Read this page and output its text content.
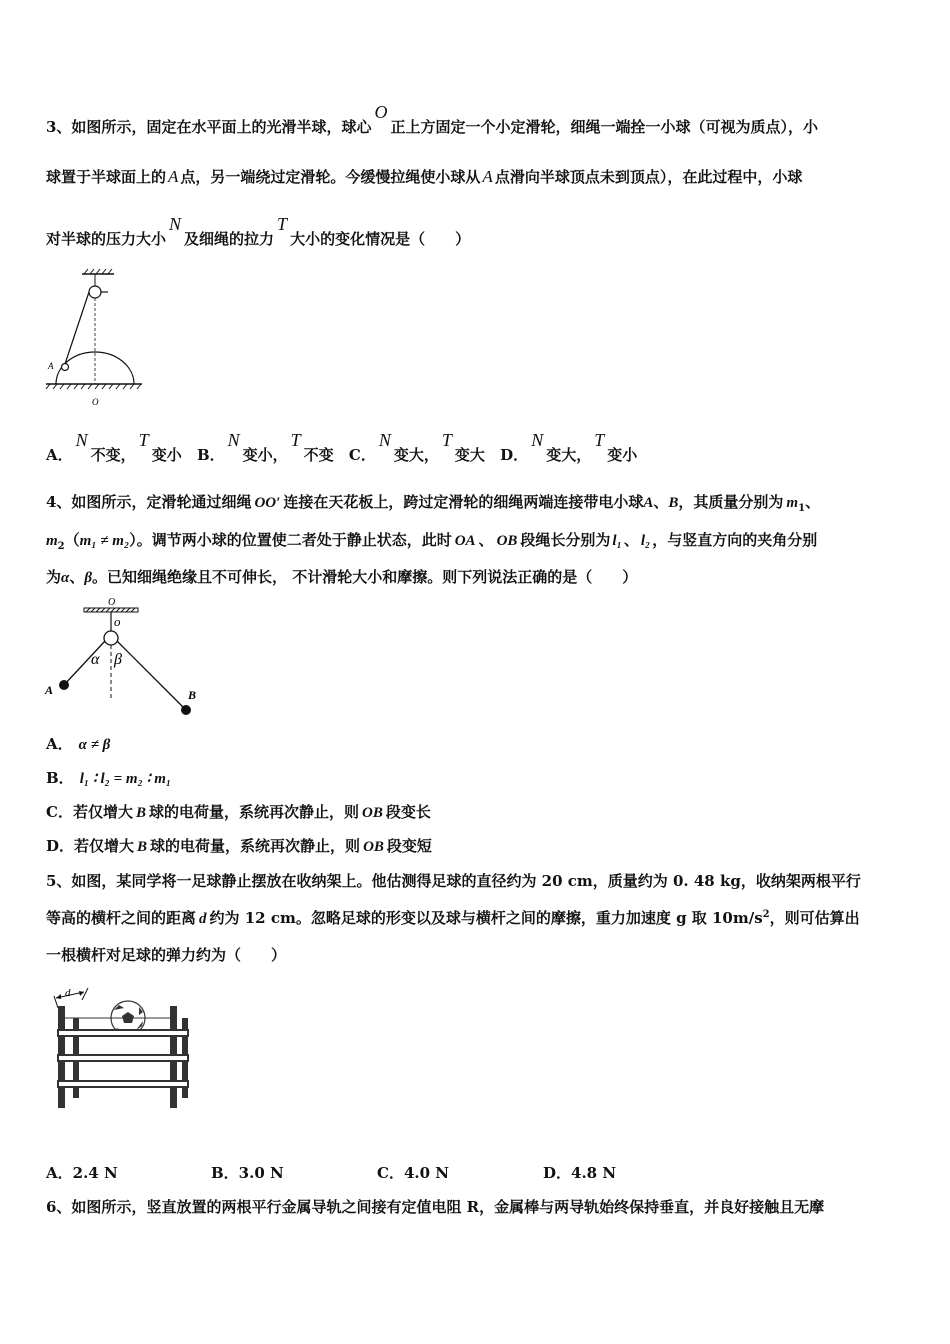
3、如图所示，固定在水平面上的光滑半球，球心O正上方固定一个小定滑轮，细绳一端拴一小球（可视为质点），小
球置于半球面上的 A 点，另一端绕过定滑轮。今缓慢拉绳使小球从 A 点滑向半球顶点未到顶点），在此过程中，小球
对半球的压力大小N及细绳的拉力T大小的变化情况是（　　）
A
O
A．N不变，T变小 B．N变小，T不变 C．N变大，T变大 D．N变大，T变小
4、如图所示，定滑轮通过细绳 OO′ 连接在天花板上，跨过定滑轮的细绳两端连接带电小球A、B，其质量分别为 $m_1$、
$m_2(m_1 \ne m_2)$。调节两小球的位置使二者处于静止状态，此时 OA 、 OB 段绳长分别为 l₁ 、 l₂ ，与竖直方向的夹角分别
为α、β。已知细绳绝缘且不可伸长， 不计滑轮大小和摩擦。则下列说法正确的是（　　）
O
o
α β
A	B
A． α ≠ β
B． l₁ ∶ l₂ = m₂ ∶ m₁
C．若仅增大 B 球的电荷量，系统再次静止，则 OB 段变长
D．若仅增大 B 球的电荷量，系统再次静止，则 OB 段变短
5、如图，某同学将一足球静止摆放在收纳架上。他估测得足球的直径约为 20 cm，质量约为 0. 48 kg，收纳架两根平行
等高的横杆之间的距离 d 约为 12 cm。忽略足球的形变以及球与横杆之间的摩擦，重力加速度 g 取 $10m/s^2$，则可估算出
一根横杆对足球的弹力约为（　　）
d
A．2.4 N	B．3.0 N	C．4.0 N	D．4.8 N
6、如图所示，竖直放置的两根平行金属导轨之间接有定值电阻 R，金属棒与两导轨始终保持垂直，并良好接触且无摩
